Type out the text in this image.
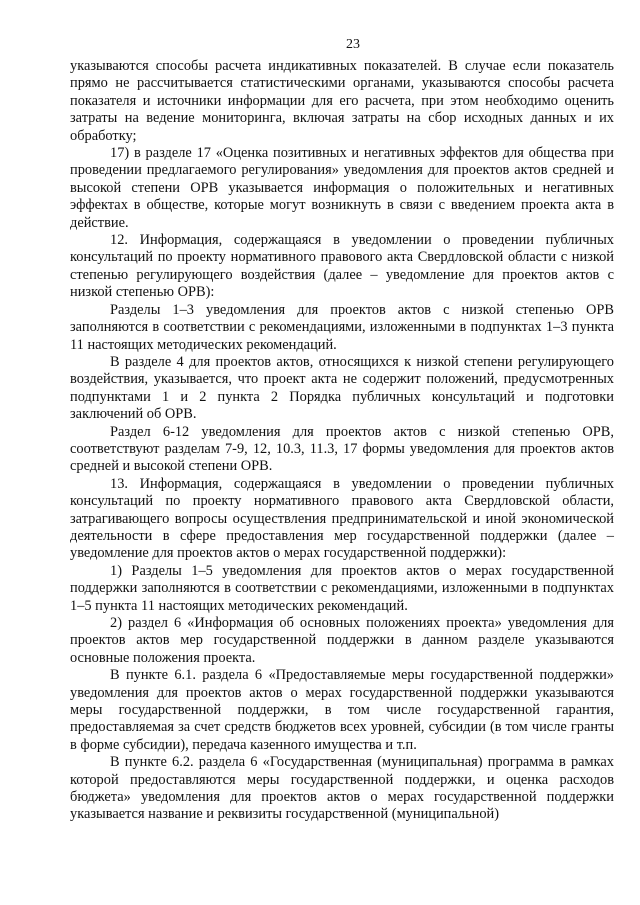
23

указываются способы расчета индикативных показателей. В случае если показатель прямо не рассчитывается статистическими органами, указываются способы расчета показателя и источники информации для его расчета, при этом необходимо оценить затраты на ведение мониторинга, включая затраты на сбор исходных данных и их обработку;

17) в разделе 17 «Оценка позитивных и негативных эффектов для общества при проведении предлагаемого регулирования» уведомления для проектов актов средней и высокой степени ОРВ указывается информация о положительных и негативных эффектах в обществе, которые могут возникнуть в связи с введением проекта акта в действие.

12. Информация, содержащаяся в уведомлении о проведении публичных консультаций по проекту нормативного правового акта Свердловской области с низкой степенью регулирующего воздействия (далее – уведомление для проектов актов с низкой степенью ОРВ):

Разделы 1–3 уведомления для проектов актов с низкой степенью ОРВ заполняются в соответствии с рекомендациями, изложенными в подпунктах 1–3 пункта 11 настоящих методических рекомендаций.

В разделе 4 для проектов актов, относящихся к низкой степени регулирующего воздействия, указывается, что проект акта не содержит положений, предусмотренных подпунктами 1 и 2 пункта 2 Порядка публичных консультаций и подготовки заключений об ОРВ.

Раздел 6-12 уведомления для проектов актов с низкой степенью ОРВ, соответствуют разделам 7-9, 12, 10.3, 11.3, 17 формы уведомления для проектов актов средней и высокой степени ОРВ.

13. Информация, содержащаяся в уведомлении о проведении публичных консультаций по проекту нормативного правового акта Свердловской области, затрагивающего вопросы осуществления предпринимательской и иной экономической деятельности в сфере предоставления мер государственной поддержки (далее – уведомление для проектов актов о мерах государственной поддержки):

1) Разделы 1–5 уведомления для проектов актов о мерах государственной поддержки заполняются в соответствии с рекомендациями, изложенными в подпунктах 1–5 пункта 11 настоящих методических рекомендаций.

2) раздел 6 «Информация об основных положениях проекта» уведомления для проектов актов мер государственной поддержки в данном разделе указываются основные положения проекта.

В пункте 6.1. раздела 6 «Предоставляемые меры государственной поддержки» уведомления для проектов актов о мерах государственной поддержки указываются меры государственной поддержки, в том числе государственной гарантия, предоставляемая за счет средств бюджетов всех уровней, субсидии (в том числе гранты в форме субсидии), передача казенного имущества и т.п.

В пункте 6.2. раздела 6 «Государственная (муниципальная) программа в рамках которой предоставляются меры государственной поддержки, и оценка расходов бюджета» уведомления для проектов актов о мерах государственной поддержки указывается название и реквизиты государственной (муниципальной)
